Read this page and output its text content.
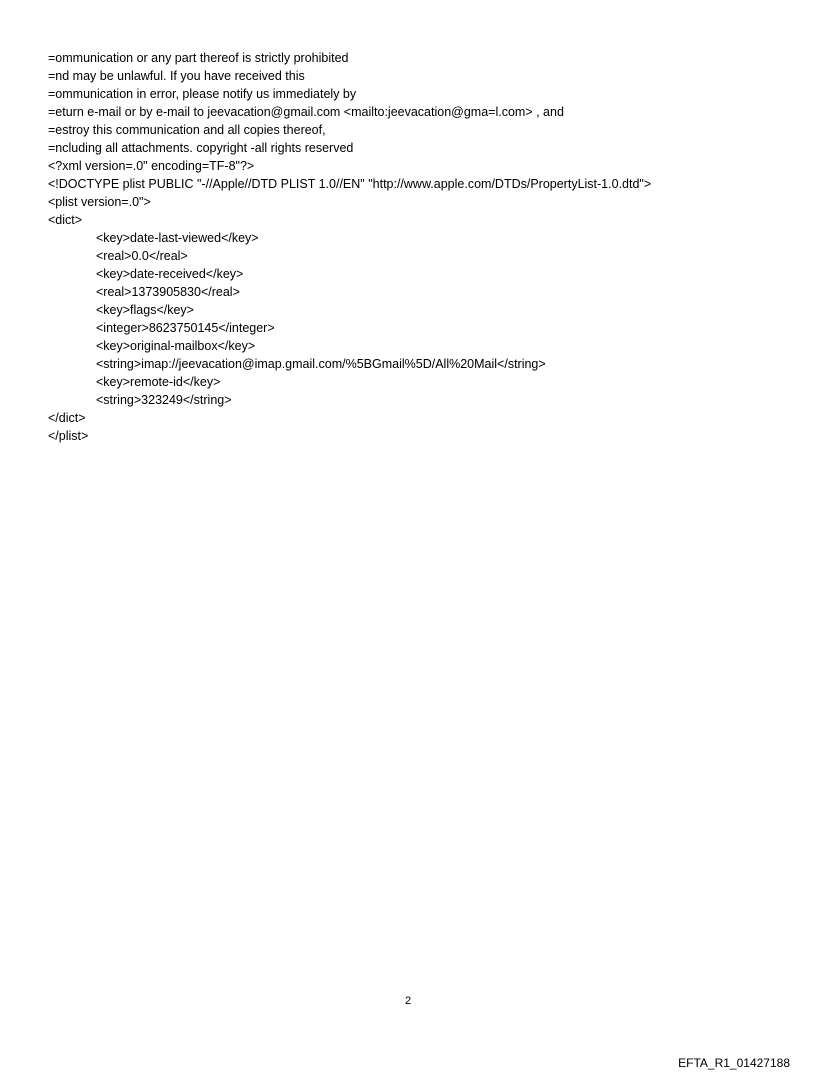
=ommunication or any part thereof is strictly prohibited
=nd may be unlawful. If you have received this
=ommunication in error, please notify us immediately by
=eturn e-mail or by e-mail to jeevacation@gmail.com <mailto:jeevacation@gma=l.com> , and
=estroy this communication and all copies thereof,
=ncluding all attachments. copyright -all rights reserved
<?xml version=.0" encoding=TF-8"?>
<!DOCTYPE plist PUBLIC "-//Apple//DTD PLIST 1.0//EN" "http://www.apple.com/DTDs/PropertyList-1.0.dtd">
<plist version=.0">
<dict>
<key>date-last-viewed</key>
<real>0.0</real>
<key>date-received</key>
<real>1373905830</real>
<key>flags</key>
<integer>8623750145</integer>
<key>original-mailbox</key>
<string>imap://jeevacation@imap.gmail.com/%5BGmail%5D/All%20Mail</string>
<key>remote-id</key>
<string>323249</string>
</dict>
</plist>
2
EFTA_R1_01427188
